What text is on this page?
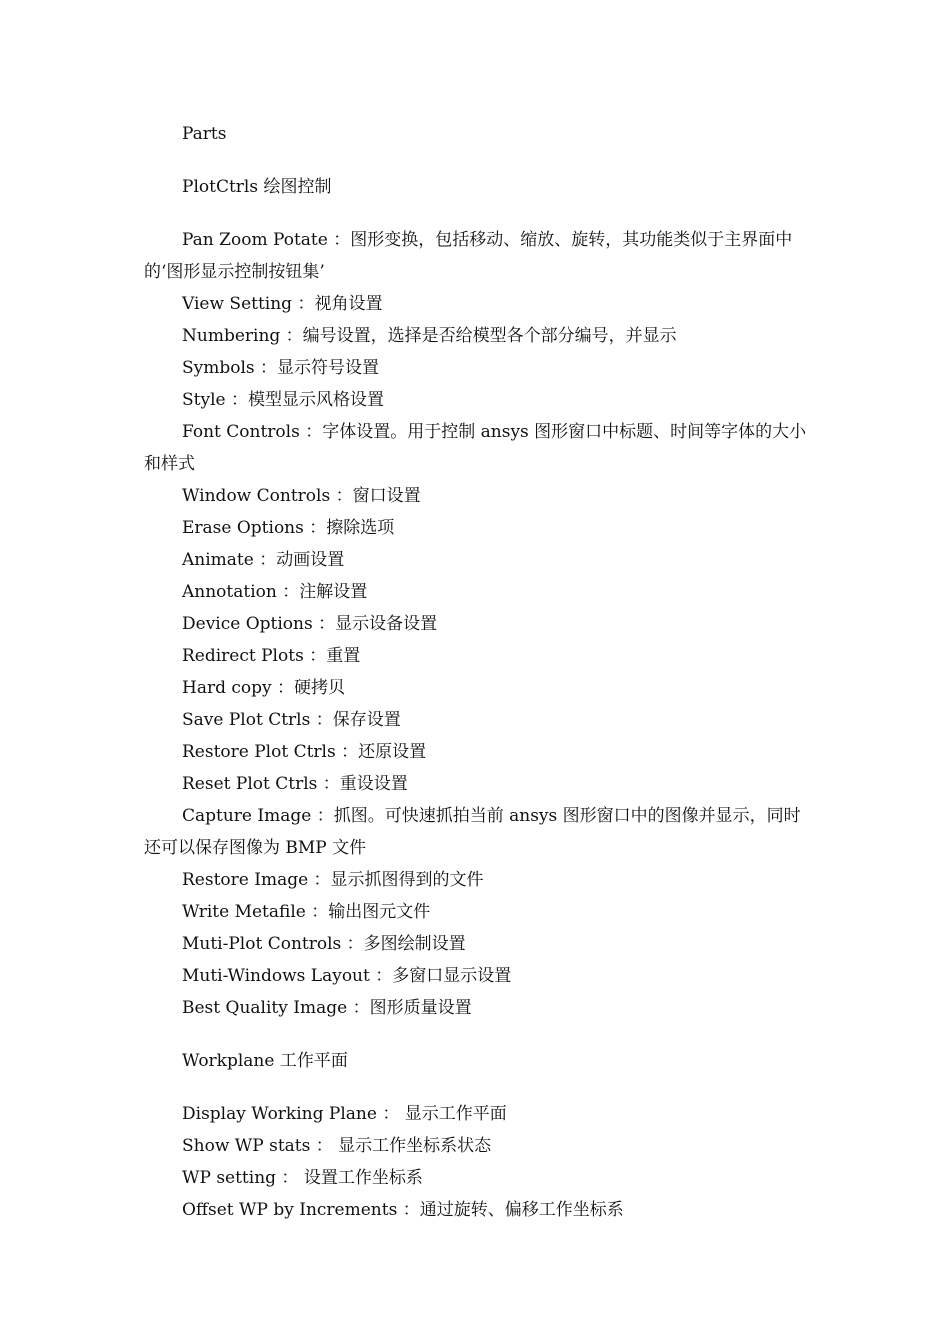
Parts

PlotCtrls 绘图控制

Pan Zoom Potate ：图形变换，包括移动、缩放、旋转，其功能类似于主界面中的‘图形显示控制按钮集’

View Setting ：视角设置

Numbering ：编号设置，选择是否给模型各个部分编号，并显示

Symbols ：显示符号设置

Style ：模型显示风格设置

Font Controls ：字体设置。用于控制 ansys 图形窗口中标题、时间等字体的大小和样式

Window Controls ：窗口设置

Erase Options ：擦除选项

Animate ：动画设置

Annotation ：注解设置

Device Options ：显示设备设置

Redirect Plots ：重置

Hard copy ：硬拷贝

Save Plot Ctrls ：保存设置

Restore Plot Ctrls ：还原设置

Reset Plot Ctrls ：重设设置

Capture Image ：抓图。可快速抓拍当前 ansys 图形窗口中的图像并显示，同时还可以保存图像为 BMP 文件

Restore Image ：显示抓图得到的文件

Write Metafile ：输出图元文件

Muti-Plot Controls ：多图绘制设置

Muti-Windows Layout ：多窗口显示设置

Best Quality Image ：图形质量设置

Workplane 工作平面

Display Working Plane ： 显示工作平面

Show WP stats ： 显示工作坐标系状态

WP setting ： 设置工作坐标系

Offset WP by Increments ：通过旋转、偏移工作坐标系
